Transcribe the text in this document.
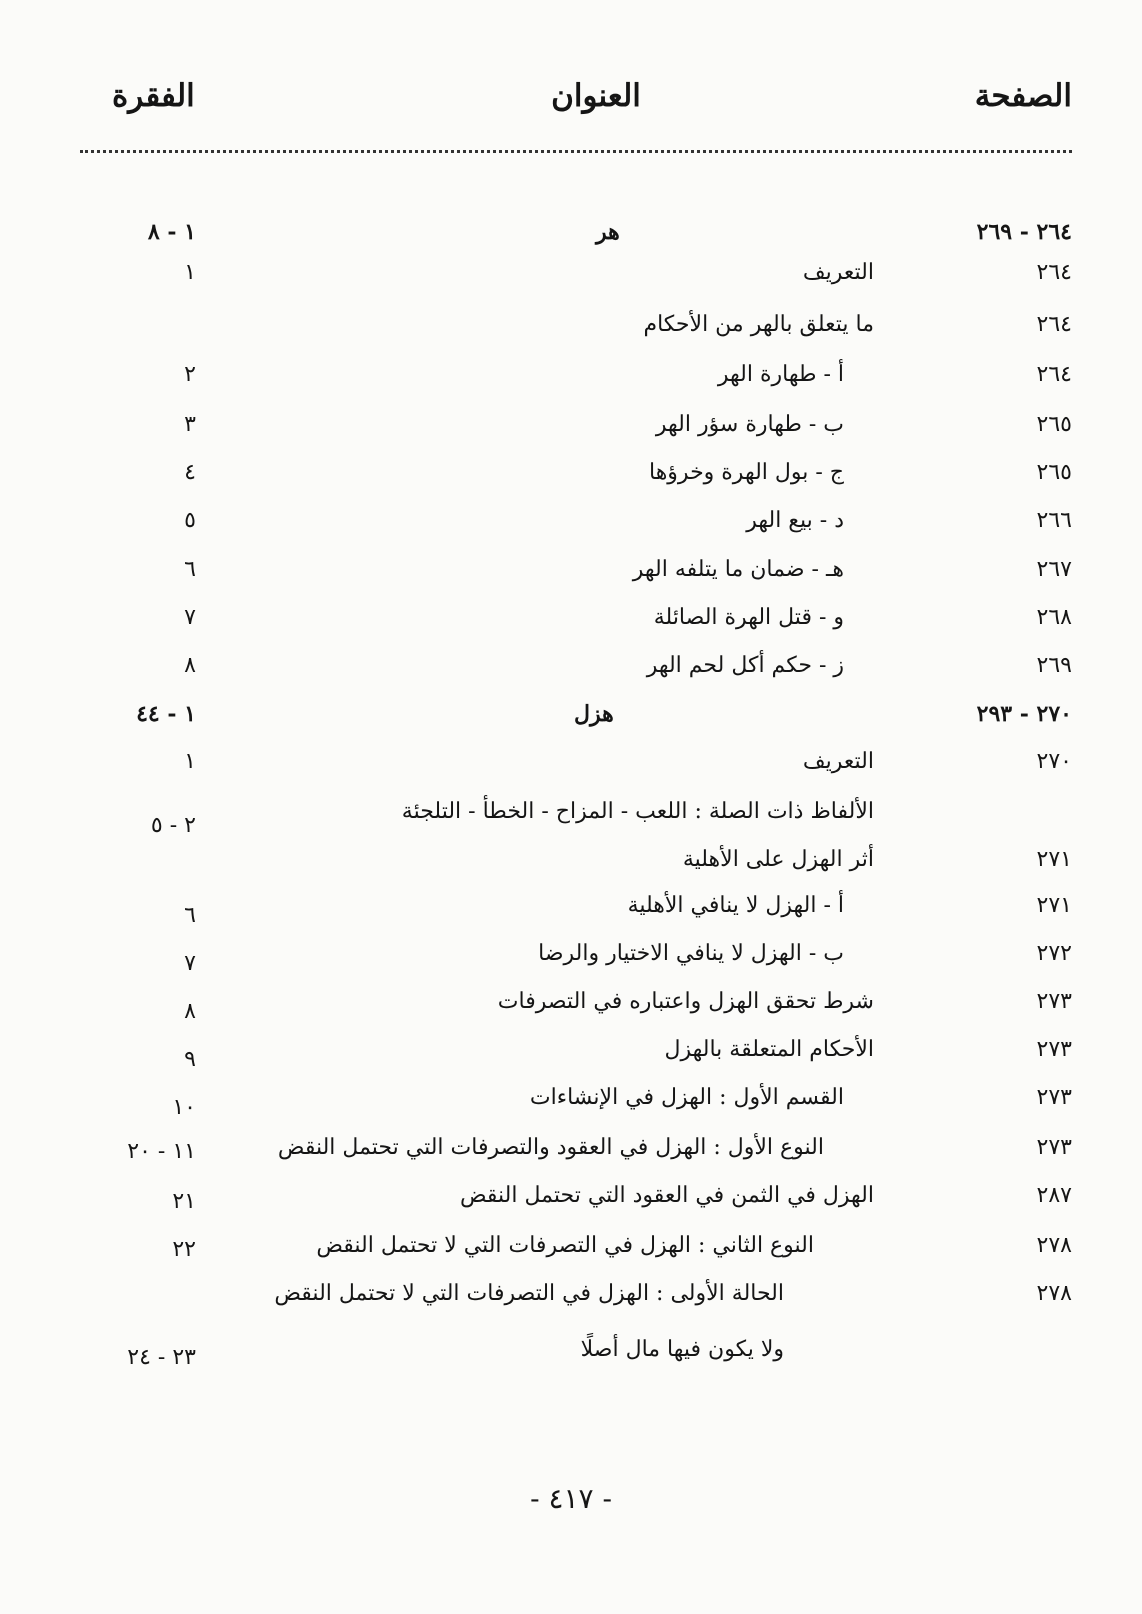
الصفحة
العنوان
الفقرة
٢٦٤ - ٢٦٩
هر
١ - ٨
٢٦٤
التعريف
١
٢٦٤
ما يتعلق بالهر من الأحكام
٢٦٤
أ - طهارة الهر
٢
٢٦٥
ب - طهارة سؤر الهر
٣
٢٦٥
ج - بول الهرة وخرؤها
٤
٢٦٦
د - بيع الهر
٥
٢٦٧
هـ - ضمان ما يتلفه الهر
٦
٢٦٨
و - قتل الهرة الصائلة
٧
٢٦٩
ز - حكم أكل لحم الهر
٨
٢٧٠ - ٢٩٣
هزل
١ - ٤٤
٢٧٠
التعريف
١
الألفاظ ذات الصلة : اللعب - المزاح - الخطأ - التلجئة
٢ - ٥
٢٧١
أثر الهزل على الأهلية
٢٧١
أ - الهزل لا ينافي الأهلية
٦
٢٧٢
ب - الهزل لا ينافي الاختيار والرضا
٧
٢٧٣
شرط تحقق الهزل واعتباره في التصرفات
٨
٢٧٣
الأحكام المتعلقة بالهزل
٩
٢٧٣
القسم الأول : الهزل في الإنشاءات
١٠
٢٧٣
النوع الأول : الهزل في العقود والتصرفات التي تحتمل النقض
١١ - ٢٠
٢٨٧
الهزل في الثمن في العقود التي تحتمل النقض
٢١
٢٧٨
النوع الثاني : الهزل في التصرفات التي لا تحتمل النقض
٢٢
٢٧٨
الحالة الأولى : الهزل في التصرفات التي لا تحتمل النقض
ولا يكون فيها مال أصلًا
٢٣ - ٢٤
- ٤١٧ -
